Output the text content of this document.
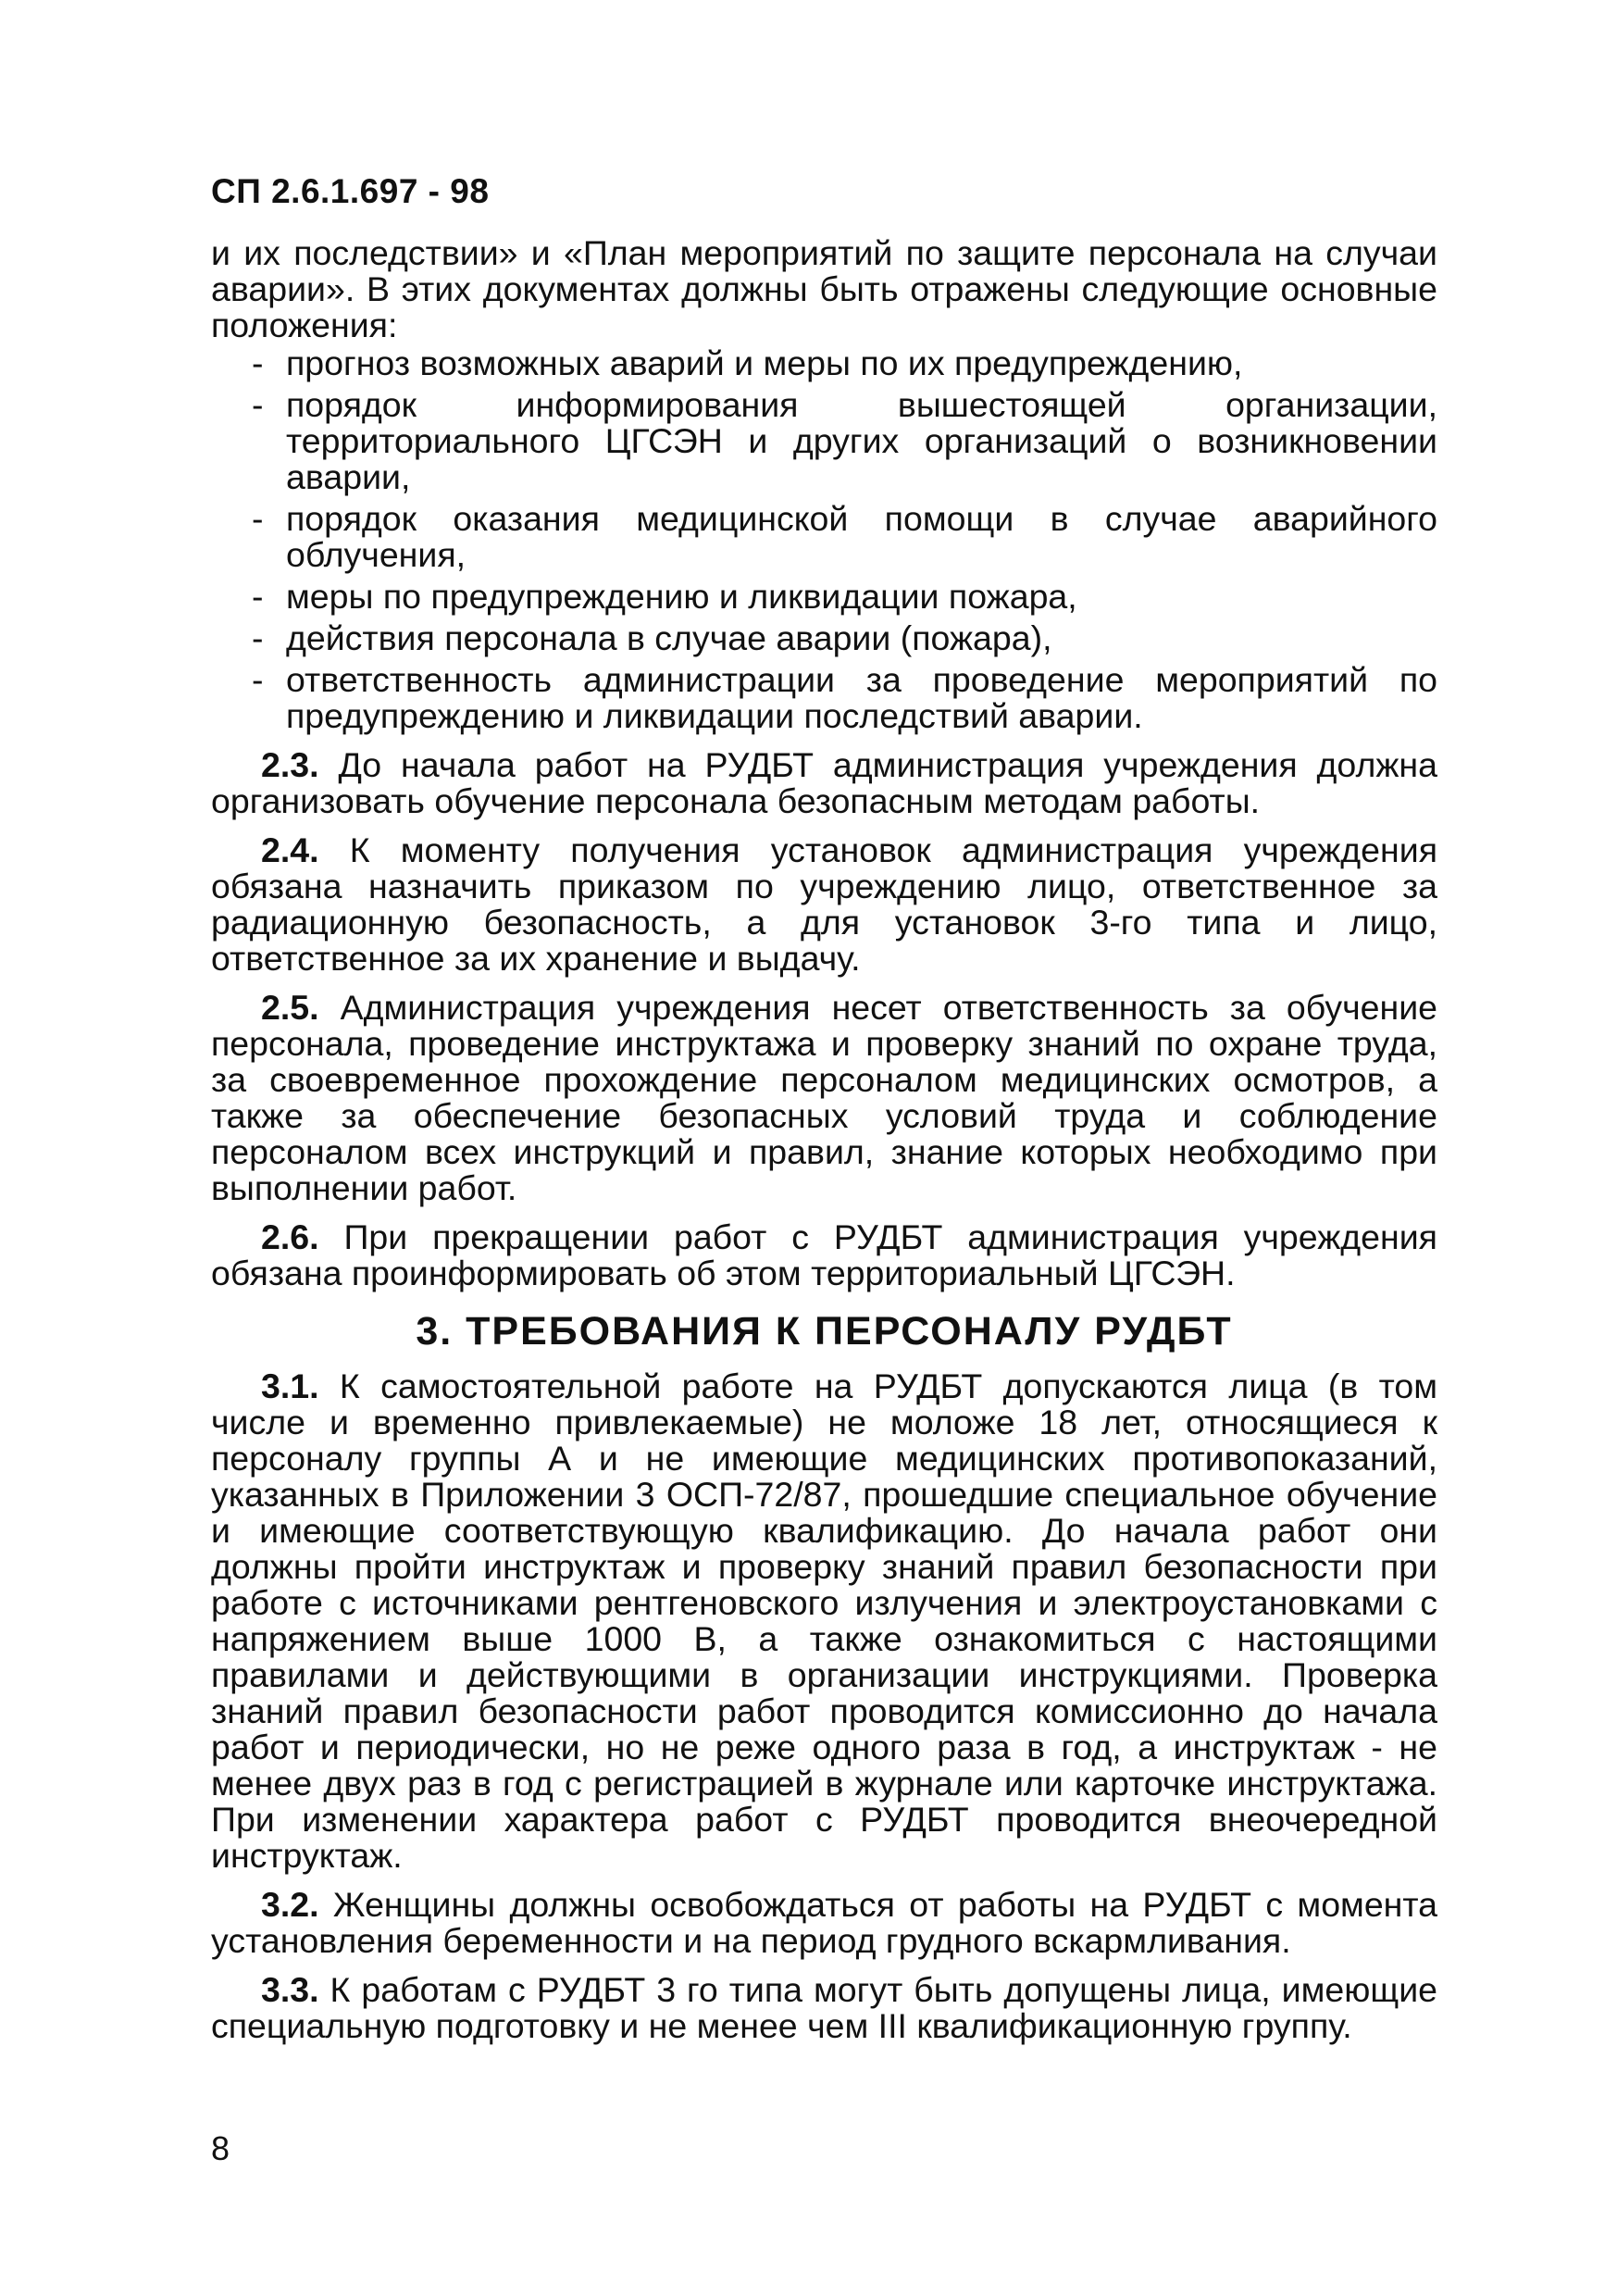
СП 2.6.1.697 - 98

и их последствии» и «План мероприятий по защите персонала на случаи аварии». В этих документах должны быть отражены следующие основные положения:

- прогноз возможных аварий и меры по их предупреждению,
- порядок информирования вышестоящей организации, территориального ЦГСЭН и других организаций о возникновении аварии,
- порядок оказания медицинской помощи в случае аварийного облучения,
- меры по предупреждению и ликвидации пожара,
- действия персонала в случае аварии (пожара),
- ответственность администрации за проведение мероприятий по предупреждению и ликвидации последствий аварии.

2.3. До начала работ на РУДБТ администрация учреждения должна организовать обучение персонала безопасным методам работы.

2.4. К моменту получения установок администрация учреждения обязана назначить приказом по учреждению лицо, ответственное за радиационную безопасность, а для установок 3-го типа и лицо, ответственное за их хранение и выдачу.

2.5. Администрация учреждения несет ответственность за обучение персонала, проведение инструктажа и проверку знаний по охране труда, за своевременное прохождение персоналом медицинских осмотров, а также за обеспечение безопасных условий труда и соблюдение персоналом всех инструкций и правил, знание которых необходимо при выполнении работ.

2.6. При прекращении работ с РУДБТ администрация учреждения обязана проинформировать об этом территориальный ЦГСЭН.

3. ТРЕБОВАНИЯ К ПЕРСОНАЛУ РУДБТ

3.1. К самостоятельной работе на РУДБТ допускаются лица (в том числе и временно привлекаемые) не моложе 18 лет, относящиеся к персоналу группы А и не имеющие медицинских противопоказаний, указанных в Приложении 3 ОСП-72/87, прошедшие специальное обучение и имеющие соответствующую квалификацию. До начала работ они должны пройти инструктаж и проверку знаний правил безопасности при работе с источниками рентгеновского излучения и электроустановками с напряжением выше 1000 В, а также ознакомиться с настоящими правилами и действующими в организации инструкциями. Проверка знаний правил безопасности работ проводится комиссионно до начала работ и периодически, но не реже одного раза в год, а инструктаж - не менее двух раз в год с регистрацией в журнале или карточке инструктажа. При изменении характера работ с РУДБТ проводится внеочередной инструктаж.

3.2. Женщины должны освобождаться от работы на РУДБТ с момента установления беременности и на период грудного вскармливания.

3.3. К работам с РУДБТ 3 го типа могут быть допущены лица, имеющие специальную подготовку и не менее чем III квалификационную группу.

8
